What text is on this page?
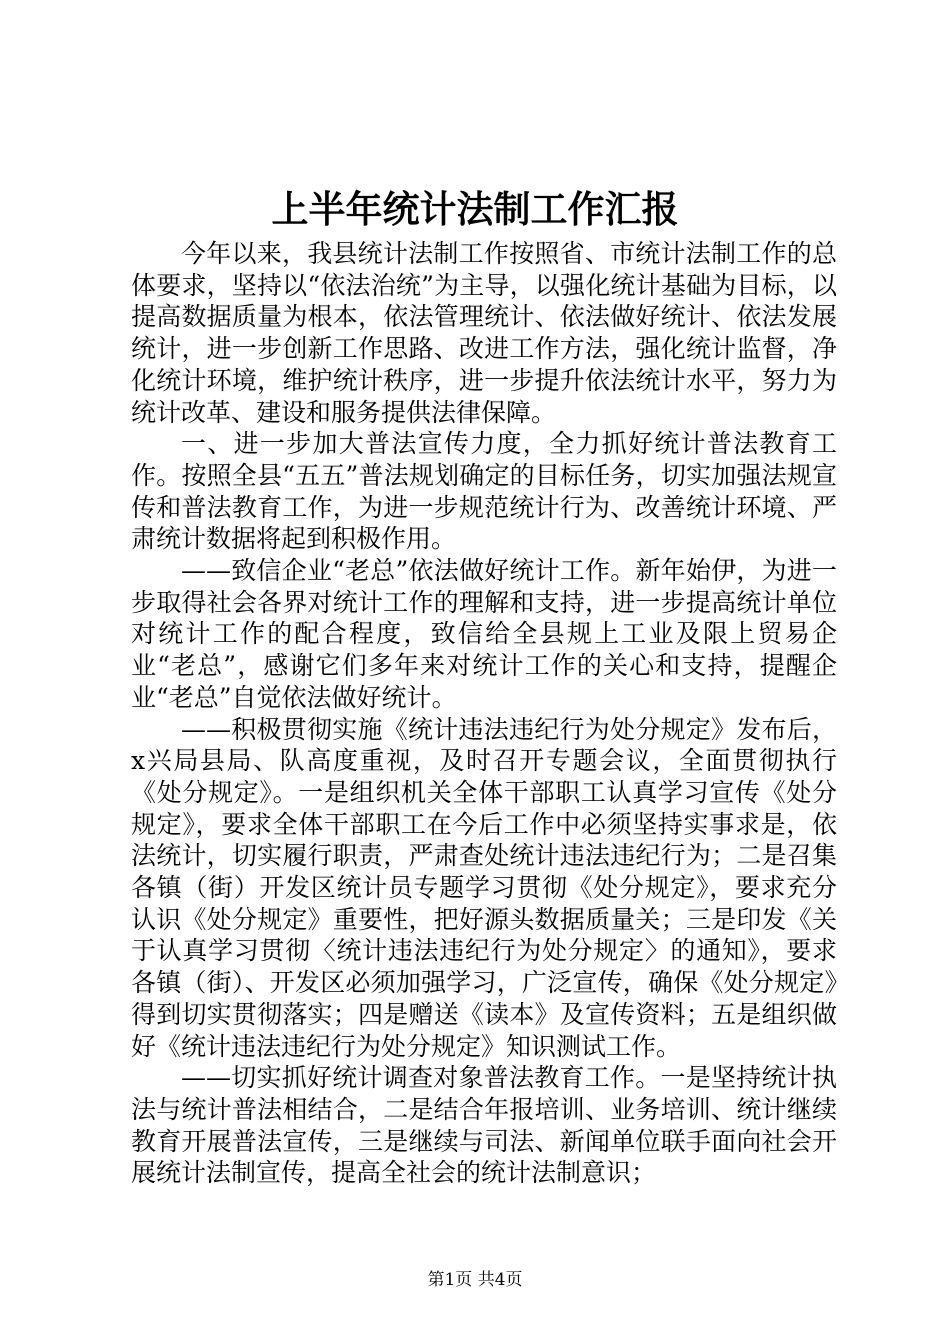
上半年统计法制工作汇报

今年以来，我县统计法制工作按照省、市统计法制工作的总体要求，坚持以“依法治统”为主导，以强化统计基础为目标，以提高数据质量为根本，依法管理统计、依法做好统计、依法发展统计，进一步创新工作思路、改进工作方法，强化统计监督，净化统计环境，维护统计秩序，进一步提升依法统计水平，努力为统计改革、建设和服务提供法律保障。

一、进一步加大普法宣传力度，全力抓好统计普法教育工作。按照全县“五五”普法规划确定的目标任务，切实加强法规宣传和普法教育工作，为进一步规范统计行为、改善统计环境、严肃统计数据将起到积极作用。

——致信企业“老总”依法做好统计工作。新年始伊，为进一步取得社会各界对统计工作的理解和支持，进一步提高统计单位对统计工作的配合程度，致信给全县规上工业及限上贸易企业“老总”，感谢它们多年来对统计工作的关心和支持，提醒企业“老总”自觉依法做好统计。

——积极贯彻实施《统计违法违纪行为处分规定》发布后，x兴局县局、队高度重视，及时召开专题会议，全面贯彻执行《处分规定》。一是组织机关全体干部职工认真学习宣传《处分规定》，要求全体干部职工在今后工作中必须坚持实事求是，依法统计，切实履行职责，严肃查处统计违法违纪行为；二是召集各镇（街）开发区统计员专题学习贯彻《处分规定》，要求充分认识《处分规定》重要性，把好源头数据质量关；三是印发《关于认真学习贯彻〈统计违法违纪行为处分规定〉的通知》，要求各镇（街）、开发区必须加强学习，广泛宣传，确保《处分规定》得到切实贯彻落实；四是赠送《读本》及宣传资料；五是组织做好《统计违法违纪行为处分规定》知识测试工作。

——切实抓好统计调查对象普法教育工作。一是坚持统计执法与统计普法相结合，二是结合年报培训、业务培训、统计继续教育开展普法宣传，三是继续与司法、新闻单位联手面向社会开展统计法制宣传，提高全社会的统计法制意识；

第1页 共4页
